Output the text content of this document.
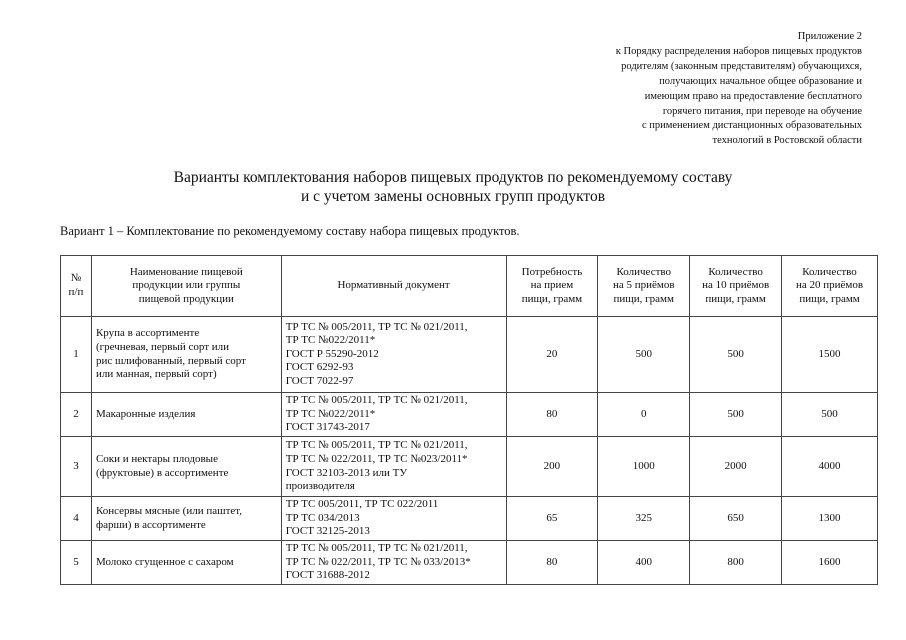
Приложение 2
к Порядку распределения наборов пищевых продуктов
родителям (законным представителям) обучающихся,
получающих начальное общее образование и
имеющим право на предоставление бесплатного
горячего питания, при переводе на обучение
с применением дистанционных образовательных
технологий в Ростовской области
Варианты комплектования наборов пищевых продуктов по рекомендуемому составу
и с учетом замены основных групп продуктов
Вариант 1 – Комплектование по рекомендуемому составу набора пищевых продуктов.
№
п/п	Наименование пищевой
продукции или группы
пищевой продукции	Нормативный документ	Потребность
на прием
пищи, грамм	Количество
на 5 приёмов
пищи, грамм	Количество
на 10 приёмов
пищи, грамм	Количество
на 20 приёмов
пищи, грамм

1	Крупа в ассортименте
(гречневая, первый сорт или
рис шлифованный, первый сорт
или манная, первый сорт)	ТР ТС № 005/2011, ТР ТС № 021/2011,
ТР ТС №022/2011*
ГОСТ Р 55290-2012
ГОСТ 6292-93
ГОСТ 7022-97	20	500	500	1500
2	Макаронные изделия	ТР ТС № 005/2011, ТР ТС № 021/2011,
ТР ТС №022/2011*
ГОСТ 31743-2017	80	0	500	500
3	Соки и нектары плодовые
(фруктовые) в ассортименте	ТР ТС № 005/2011, ТР ТС № 021/2011,
ТР ТС № 022/2011, ТР ТС №023/2011*
ГОСТ 32103-2013 или ТУ
производителя	200	1000	2000	4000
4	Консервы мясные (или паштет,
фарши) в ассортименте	ТР ТС 005/2011, ТР ТС 022/2011
ТР ТС 034/2013
ГОСТ 32125-2013	65	325	650	1300
5	Молоко сгущенное с сахаром	ТР ТС № 005/2011, ТР ТС № 021/2011,
ТР ТС № 022/2011, ТР ТС № 033/2013*
ГОСТ 31688-2012	80	400	800	1600
